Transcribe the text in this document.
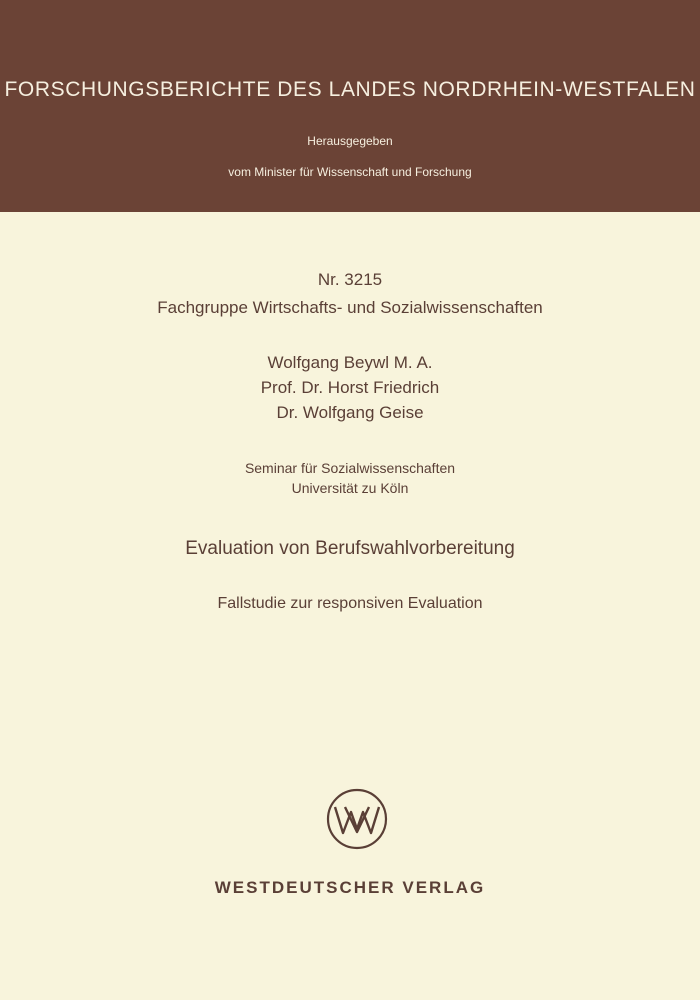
FORSCHUNGSBERICHTE DES LANDES NORDRHEIN-WESTFALEN
Herausgegeben
vom Minister für Wissenschaft und Forschung
Nr. 3215
Fachgruppe Wirtschafts- und Sozialwissenschaften
Wolfgang Beywl M. A.
Prof. Dr. Horst Friedrich
Dr. Wolfgang Geise
Seminar für Sozialwissenschaften
Universität zu Köln
Evaluation von Berufswahlvorbereitung
Fallstudie zur responsiven Evaluation
WESTDEUTSCHER VERLAG
